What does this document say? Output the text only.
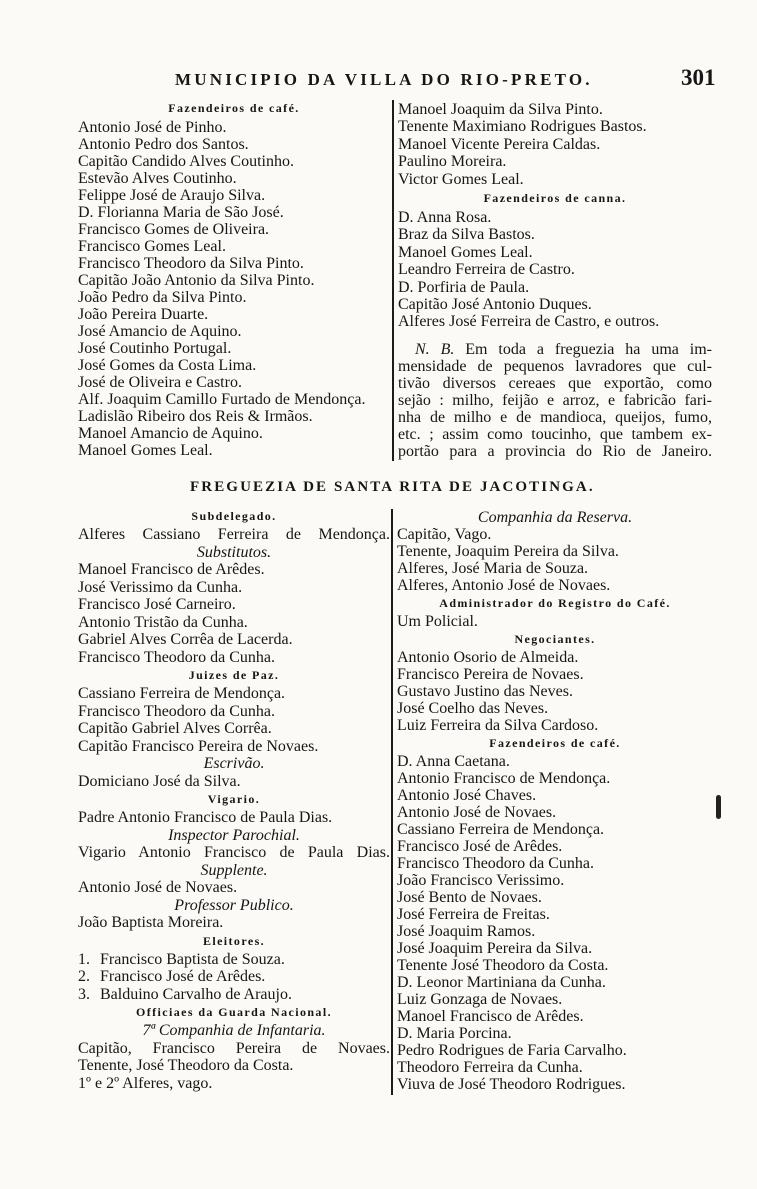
MUNICIPIO DA VILLA DO RIO-PRETO.	301
Fazendeiros de café.
Antonio José de Pinho.
Antonio Pedro dos Santos.
Capitão Candido Alves Coutinho.
Estevão Alves Coutinho.
Felippe José de Araujo Silva.
D. Florianna Maria de São José.
Francisco Gomes de Oliveira.
Francisco Gomes Leal.
Francisco Theodoro da Silva Pinto.
Capitão João Antonio da Silva Pinto.
João Pedro da Silva Pinto.
João Pereira Duarte.
José Amancio de Aquino.
José Coutinho Portugal.
José Gomes da Costa Lima.
José de Oliveira e Castro.
Alf. Joaquim Camillo Furtado de Mendonça.
Ladislão Ribeiro dos Reis & Irmãos.
Manoel Amancio de Aquino.
Manoel Gomes Leal.
Manoel Joaquim da Silva Pinto.
Tenente Maximiano Rodrigues Bastos.
Manoel Vicente Pereira Caldas.
Paulino Moreira.
Victor Gomes Leal.
Fazendeiros de canna.
D. Anna Rosa.
Braz da Silva Bastos.
Manoel Gomes Leal.
Leandro Ferreira de Castro.
D. Porfiria de Paula.
Capitão José Antonio Duques.
Alferes José Ferreira de Castro, e outros.
N. B. Em toda a freguezia ha uma im-
mensidade de pequenos lavradores que cul-
tivão diversos cereaes que exportão, como
sejão : milho, feijão e arroz, e fabricão fari-
nha de milho e de mandioca, queijos, fumo,
etc. ; assim como toucinho, que tambem ex-
portão para a provincia do Rio de Janeiro.
FREGUEZIA DE SANTA RITA DE JACOTINGA.
Subdelegado.
Alferes Cassiano Ferreira de Mendonça.
Substitutos.
Manoel Francisco de Arêdes.
José Verissimo da Cunha.
Francisco José Carneiro.
Antonio Tristão da Cunha.
Gabriel Alves Corrêa de Lacerda.
Francisco Theodoro da Cunha.
Juizes de Paz.
Cassiano Ferreira de Mendonça.
Francisco Theodoro da Cunha.
Capitão Gabriel Alves Corrêa.
Capitão Francisco Pereira de Novaes.
Escrivão.
Domiciano José da Silva.
Vigario.
Padre Antonio Francisco de Paula Dias.
Inspector Parochial.
Vigario Antonio Francisco de Paula Dias.
Supplente.
Antonio José de Novaes.
Professor Publico.
João Baptista Moreira.
Eleitores.
1. Francisco Baptista de Souza.
2. Francisco José de Arêdes.
3. Balduino Carvalho de Araujo.
Officiaes da Guarda Nacional.
7ª Companhia de Infantaria.
Capitão, Francisco Pereira de Novaes.
Tenente, José Theodoro da Costa.
1º e 2º Alferes, vago.
Companhia da Reserva.
Capitão, Vago.
Tenente, Joaquim Pereira da Silva.
Alferes, José Maria de Souza.
Alferes, Antonio José de Novaes.
Administrador do Registro do Café.
Um Policial.
Negociantes.
Antonio Osorio de Almeida.
Francisco Pereira de Novaes.
Gustavo Justino das Neves.
José Coelho das Neves.
Luiz Ferreira da Silva Cardoso.
Fazendeiros de café.
D. Anna Caetana.
Antonio Francisco de Mendonça.
Antonio José Chaves.
Antonio José de Novaes.
Cassiano Ferreira de Mendonça.
Francisco José de Arêdes.
Francisco Theodoro da Cunha.
João Francisco Verissimo.
José Bento de Novaes.
José Ferreira de Freitas.
José Joaquim Ramos.
José Joaquim Pereira da Silva.
Tenente José Theodoro da Costa.
D. Leonor Martiniana da Cunha.
Luiz Gonzaga de Novaes.
Manoel Francisco de Arêdes.
D. Maria Porcina.
Pedro Rodrigues de Faria Carvalho.
Theodoro Ferreira da Cunha.
Viuva de José Theodoro Rodrigues.
